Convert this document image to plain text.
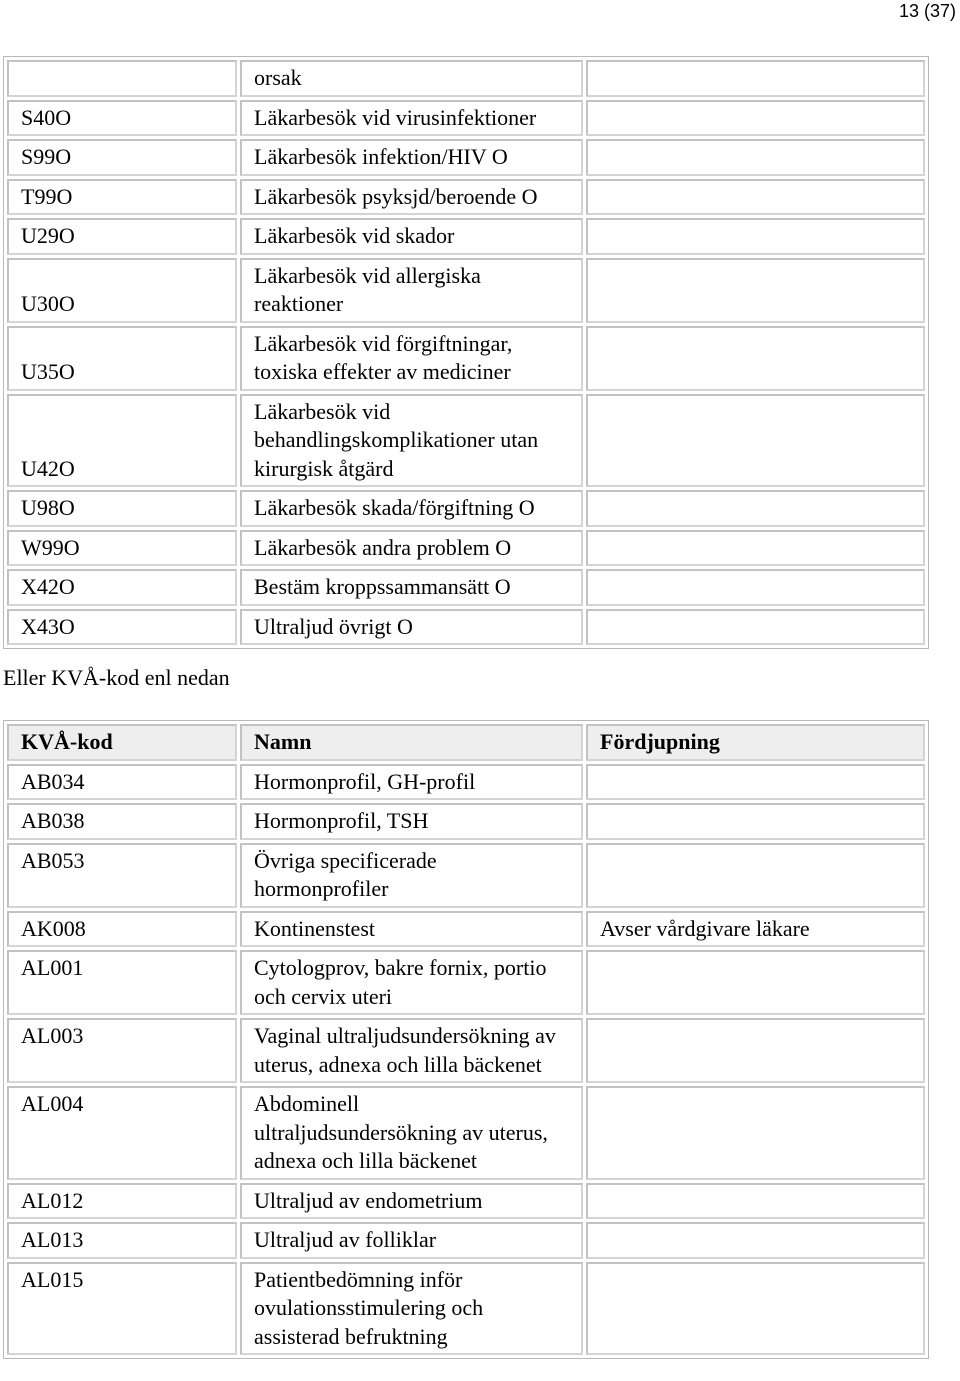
13 (37)
	orsak	
S40O	Läkarbesök vid virusinfektioner	
S99O	Läkarbesök infektion/HIV O	
T99O	Läkarbesök psyksjd/beroende O	
U29O	Läkarbesök vid skador	
U30O	Läkarbesök vid allergiska reaktioner	
U35O	Läkarbesök vid förgiftningar, toxiska effekter av mediciner	
U42O	Läkarbesök vid behandlingskomplikationer utan kirurgisk åtgärd	
U98O	Läkarbesök skada/förgiftning O	
W99O	Läkarbesök andra problem O	
X42O	Bestäm kroppssammansätt O	
X43O	Ultraljud övrigt O	
Eller KVÅ-kod enl nedan
KVÅ-kod	Namn	Fördjupning
AB034	Hormonprofil, GH-profil	
AB038	Hormonprofil, TSH	
AB053	Övriga specificerade hormonprofiler	
AK008	Kontinenstest	Avser vårdgivare läkare
AL001	Cytologprov, bakre fornix, portio och cervix uteri	
AL003	Vaginal ultraljudsundersökning av uterus, adnexa och lilla bäckenet	
AL004	Abdominell ultraljudsundersökning av uterus, adnexa och lilla bäckenet	
AL012	Ultraljud av endometrium	
AL013	Ultraljud av folliklar	
AL015	Patientbedömning inför ovulationsstimulering och assisterad befruktning	
